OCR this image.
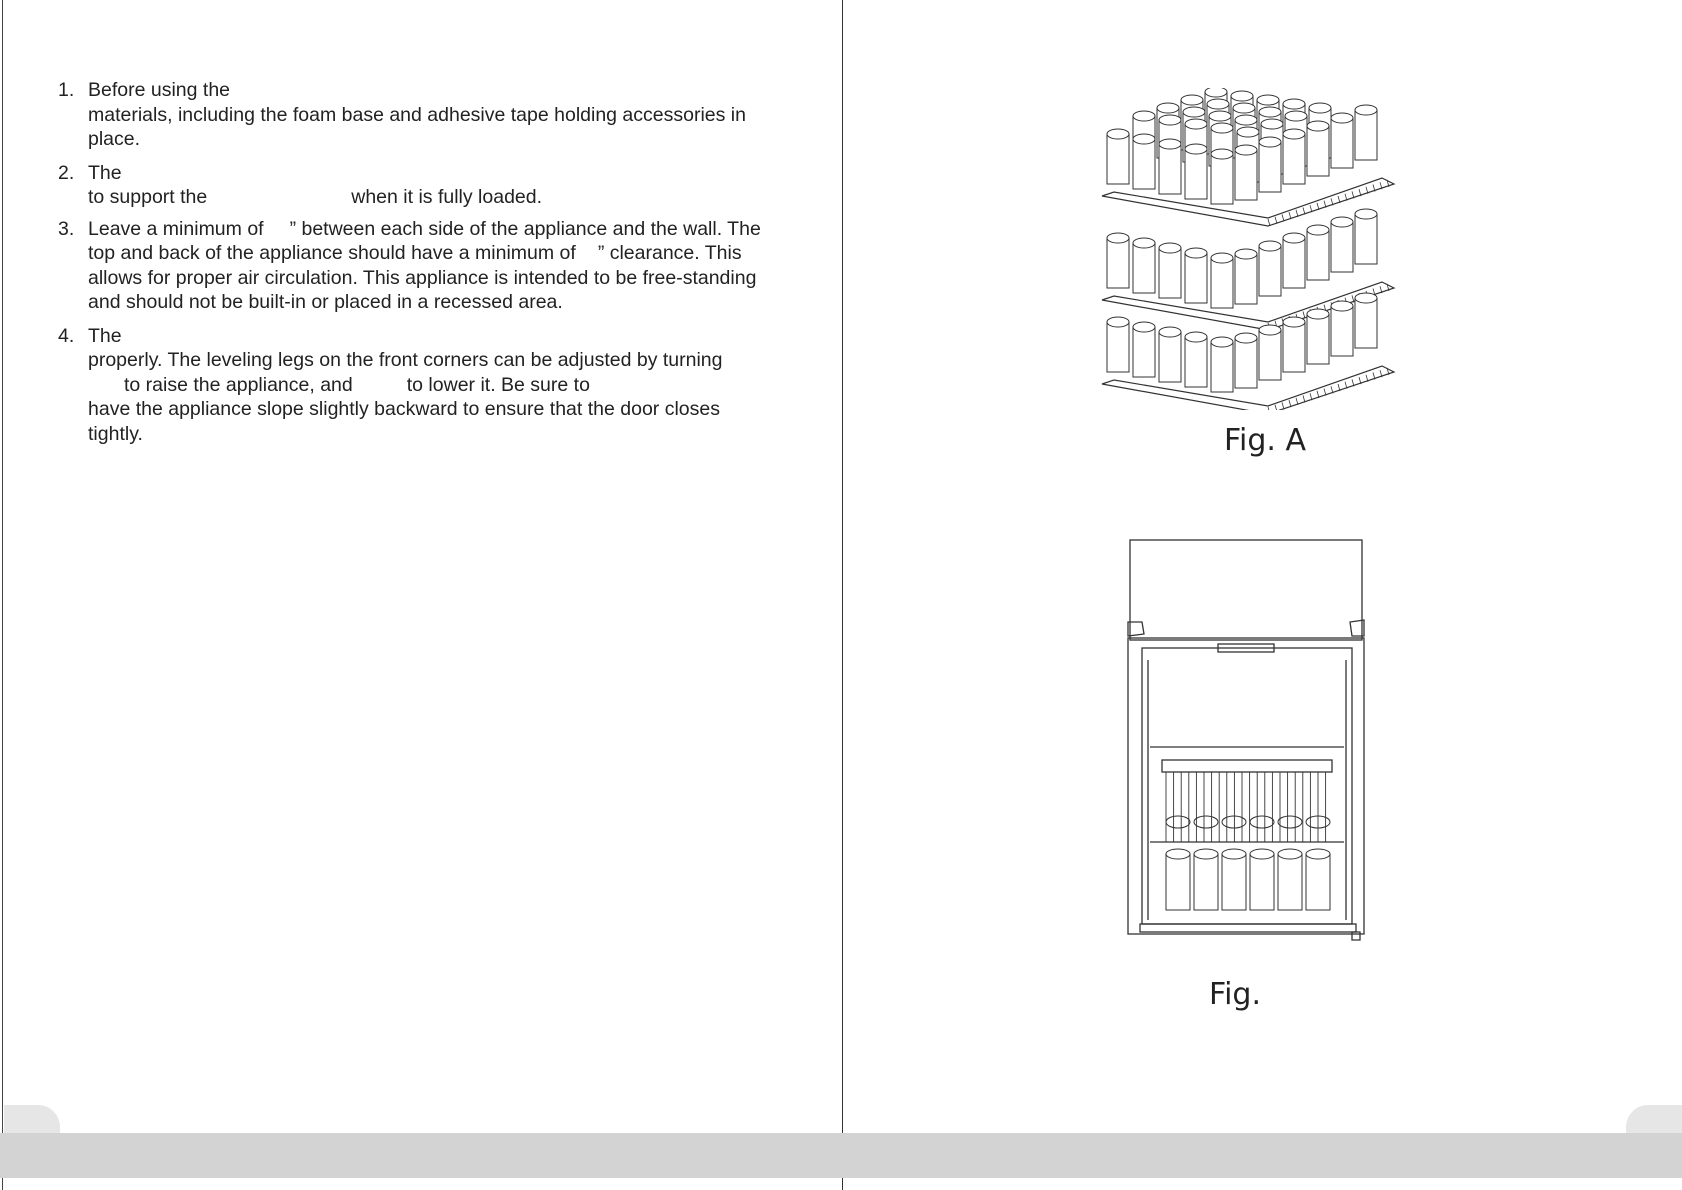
1. Before using the
materials, including the foam base and adhesive tape holding accessories in
place.
2. The
to support the	when it is fully loaded.
3. Leave a minimum of ” between each side of the appliance and the wall. The
top and back of the appliance should have a minimum of ” clearance. This
allows for proper air circulation. This appliance is intended to be free-standing
and should not be built-in or placed in a recessed area.
4. The
properly. The leveling legs on the front corners can be adjusted by turning
to raise the appliance, and	to lower it. Be sure to
have the appliance slope slightly backward to ensure that the door closes
tightly.	Fig. A
Fig.
